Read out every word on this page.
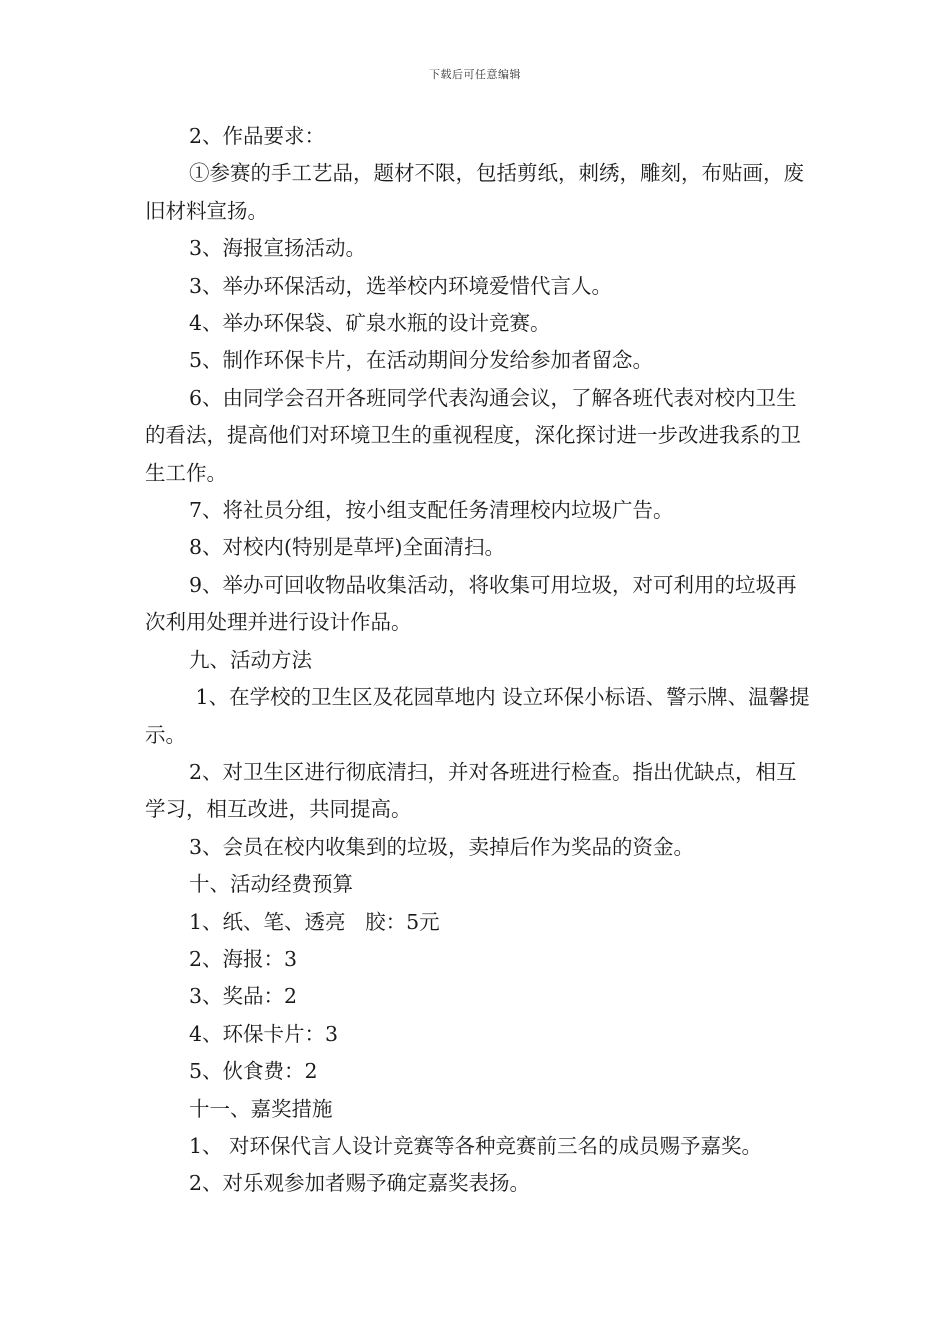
下载后可任意编辑

2、作品要求：

①参赛的手工艺品，题材不限，包括剪纸，刺绣，雕刻，布贴画，废旧材料宣扬。

3、海报宣扬活动。

3、举办环保活动，选举校内环境爱惜代言人。

4、举办环保袋、矿泉水瓶的设计竞赛。

5、制作环保卡片，在活动期间分发给参加者留念。

6、由同学会召开各班同学代表沟通会议，了解各班代表对校内卫生的看法，提高他们对环境卫生的重视程度，深化探讨进一步改进我系的卫生工作。

7、将社员分组，按小组支配任务清理校内垃圾广告。

8、对校内(特别是草坪)全面清扫。

9、举办可回收物品收集活动，将收集可用垃圾，对可利用的垃圾再次利用处理并进行设计作品。

九、活动方法

1、在学校的卫生区及花园草地内 设立环保小标语、警示牌、温馨提示。

2、对卫生区进行彻底清扫，并对各班进行检查。指出优缺点，相互学习，相互改进，共同提高。

3、会员在校内收集到的垃圾，卖掉后作为奖品的资金。

十、活动经费预算

1、纸、笔、透亮   胶：5元

2、海报：3

3、奖品：2

4、环保卡片：3

5、伙食费：2

十一、嘉奖措施

1、 对环保代言人设计竞赛等各种竞赛前三名的成员赐予嘉奖。

2、对乐观参加者赐予确定嘉奖表扬。
